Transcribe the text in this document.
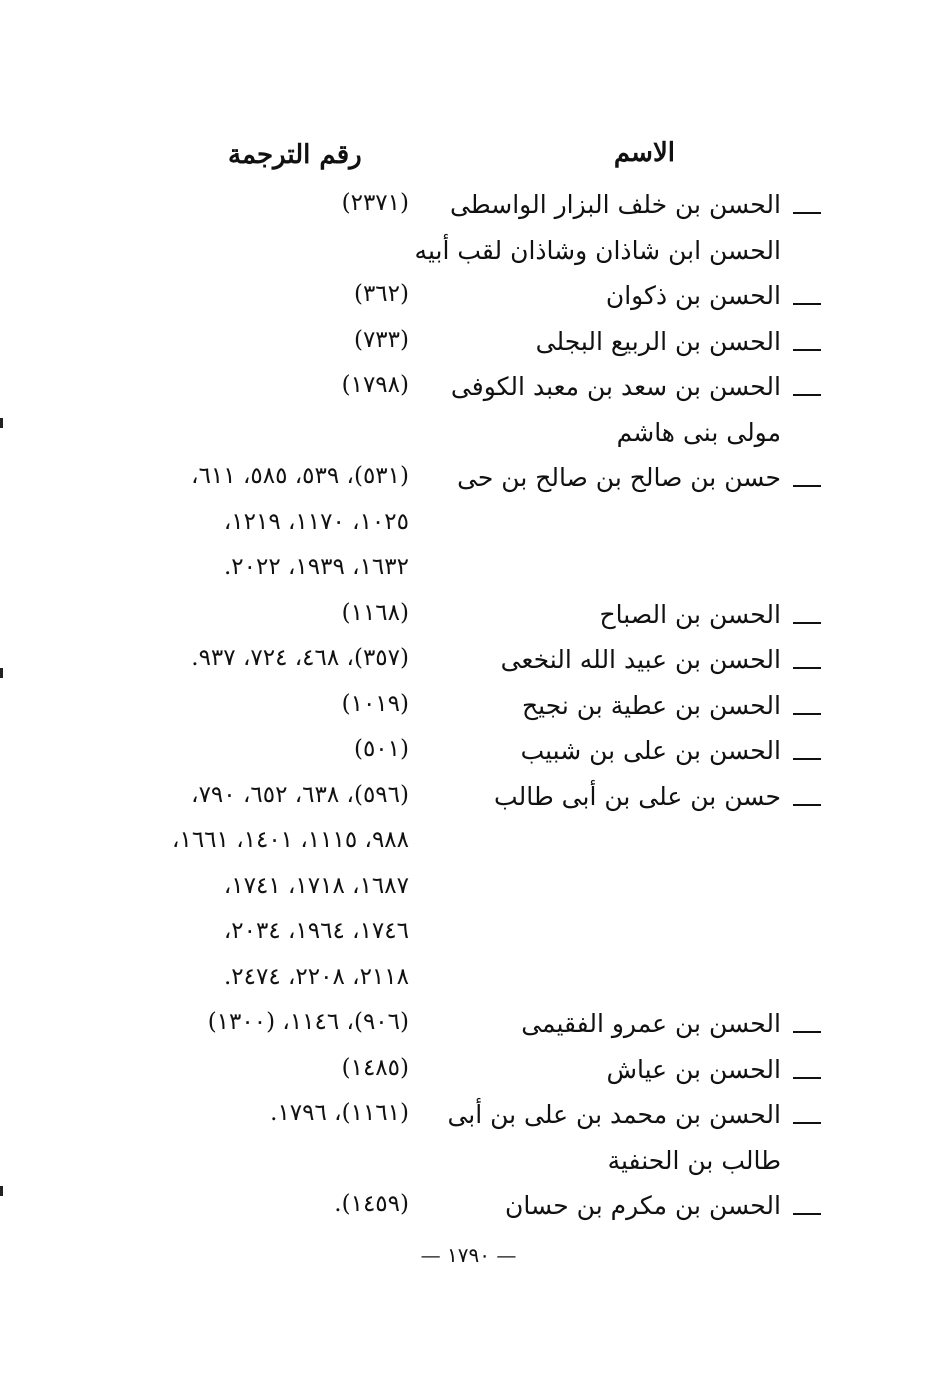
الاسم
رقم الترجمة
الحسن بن خلف البزار الواسطى
(٢٣٧١)
الحسن ابن شاذان وشاذان لقب أبيه
الحسن بن ذكوان
(٣٦٢)
الحسن بن الربيع البجلى
(٧٣٣)
الحسن بن سعد بن معبد الكوفى
(١٧٩٨)
مولى بنى هاشم
حسن بن صالح بن صالح بن حى
(٥٣١)، ٥٣٩، ٥٨٥، ٦١١،
١٠٢٥، ١١٧٠، ١٢١٩،
١٦٣٢، ١٩٣٩، ٢٠٢٢.
الحسن بن الصباح
(١١٦٨)
الحسن بن عبيد الله النخعى
(٣٥٧)، ٤٦٨، ٧٢٤، ٩٣٧.
الحسن بن عطية بن نجيح
(١٠١٩)
الحسن بن على بن شبيب
(٥٠١)
حسن بن على بن أبى طالب
(٥٩٦)، ٦٣٨، ٦٥٢، ٧٩٠،
٩٨٨، ١١١٥، ١٤٠١، ١٦٦١،
١٦٨٧، ١٧١٨، ١٧٤١،
١٧٤٦، ١٩٦٤، ٢٠٣٤،
٢١١٨، ٢٢٠٨، ٢٤٧٤.
الحسن بن عمرو الفقيمى
(٩٠٦)، ١١٤٦، (١٣٠٠)
الحسن بن عياش
(١٤٨٥)
الحسن بن محمد بن على بن أبى
(١١٦١)، ١٧٩٦.
طالب بن الحنفية
الحسن بن مكرم بن حسان
(١٤٥٩).
— ١٧٩٠ —
